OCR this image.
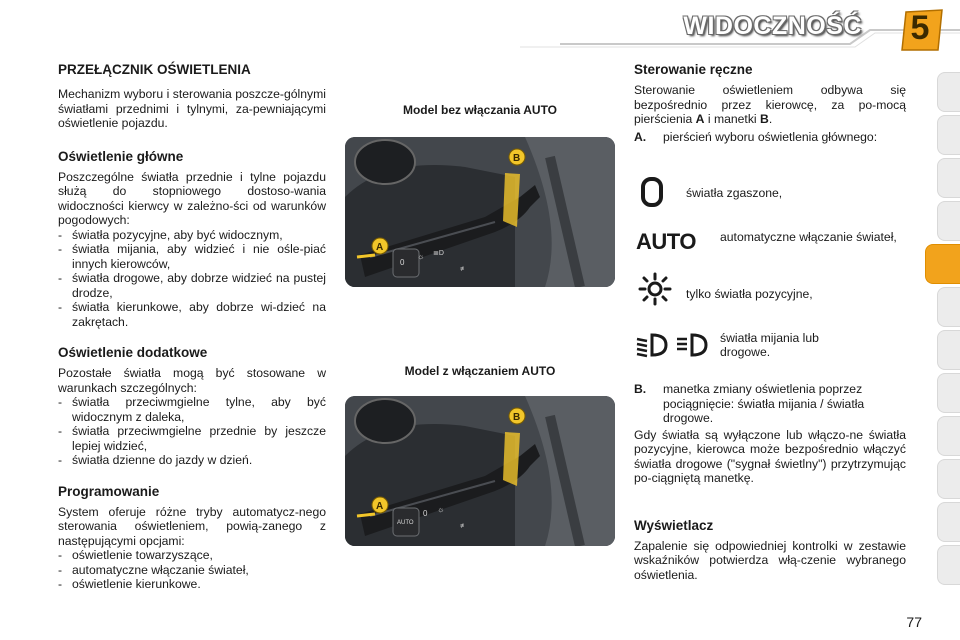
WIDOCZNOŚĆ	5
PRZEŁĄCZNIK OŚWIETLENIA

Mechanizm wyboru i sterowania poszcze-gólnymi światłami przednimi i tylnymi, za-pewniającymi oświetlenie pojazdu.

Oświetlenie główne

Poszczególne światła przednie i tylne pojazdu służą do stopniowego dostoso-wania widoczności kierwcy w zależno-ści od warunków pogodowych:

- światła pozycyjne, aby być widocznym,
- światła mijania, aby widzieć i nie ośle-piać innych kierowców,
- światła drogowe, aby dobrze widzieć na pustej drodze,
- światła kierunkowe, aby dobrze wi-dzieć na zakrętach.
Oświetlenie dodatkowe

Pozostałe światła mogą być stosowane w warunkach szczególnych:

- światła przeciwmgielne tylne, aby być widocznym z daleka,
- światła przeciwmgielne przednie by jeszcze lepiej widzieć,
- światła dzienne do jazdy w dzień.
Programowanie

System oferuje różne tryby automatycz-nego sterowania oświetleniem, powią-zanego z następującymi opcjami:

- oświetlenie towarzyszące,
- automatyczne włączanie świateł,
- oświetlenie kierunkowe.
Model bez włączania AUTO
0
☼ ≣D
≢
B
A
Model z włączaniem AUTO
AUTO
0 ☼
≢
B
A
Sterowanie ręczne

Sterowanie oświetleniem odbywa się bezpośrednio przez kierowcę, za po-mocą pierścienia A i manetki B.

A.	pierścień wyboru oświetlenia głównego:
światła zgaszone,
AUTO automatyczne włączanie świateł,
tylko światła pozycyjne,
światła mijania lub drogowe.
B.	manetka zmiany oświetlenia poprzez pociągnięcie: światła mijania / światła drogowe.

Gdy światła są wyłączone lub włączo-ne światła pozycyjne, kierowca może bezpośrednio włączyć światła drogowe ("sygnał świetlny") przytrzymując po-ciągniętą manetkę.

Wyświetlacz

Zapalenie się odpowiedniej kontrolki w zestawie wskaźników potwierdza włą-czenie wybranego oświetlenia.

77
